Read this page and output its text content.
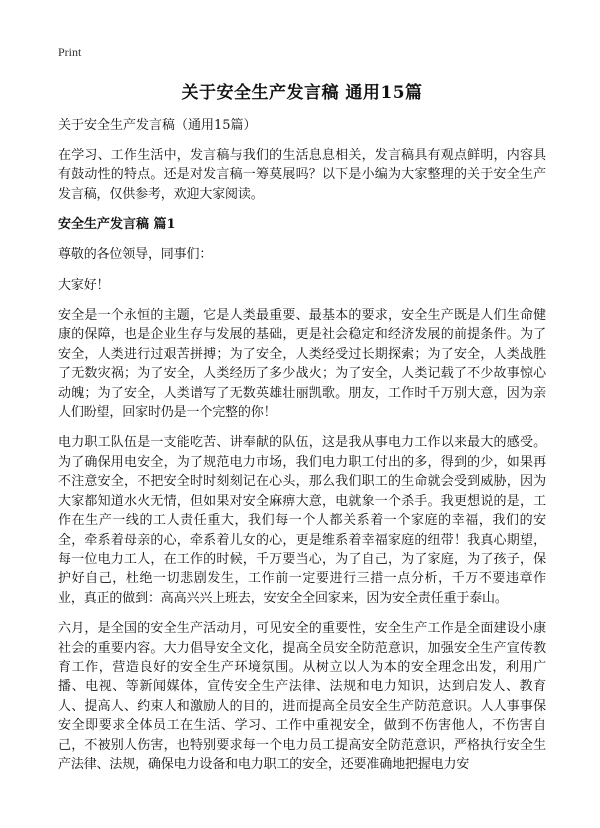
Print
关于安全生产发言稿 通用15篇
关于安全生产发言稿（通用15篇）
在学习、工作生活中，发言稿与我们的生活息息相关，发言稿具有观点鲜明，内容具有鼓动性的特点。还是对发言稿一筹莫展吗？以下是小编为大家整理的关于安全生产发言稿，仅供参考，欢迎大家阅读。
安全生产发言稿 篇1
尊敬的各位领导，同事们：
大家好！
安全是一个永恒的主题，它是人类最重要、最基本的要求，安全生产既是人们生命健康的保障，也是企业生存与发展的基础，更是社会稳定和经济发展的前提条件。为了安全，人类进行过艰苦拼搏；为了安全，人类经受过长期探索；为了安全，人类战胜了无数灾祸；为了安全，人类经历了多少战火；为了安全，人类记载了不少故事惊心动魄；为了安全，人类谱写了无数英雄壮丽凯歌。朋友，工作时千万别大意，因为亲人们盼望，回家时仍是一个完整的你！
电力职工队伍是一支能吃苦、讲奉献的队伍，这是我从事电力工作以来最大的感受。为了确保用电安全，为了规范电力市场，我们电力职工付出的多，得到的少，如果再不注意安全，不把安全时时刻刻记在心头，那么我们职工的生命就会受到威胁，因为大家都知道水火无情，但如果对安全麻痹大意，电就象一个杀手。我更想说的是，工作在生产一线的工人责任重大，我们每一个人都关系着一个家庭的幸福，我们的安全，牵系着母亲的心，牵系着儿女的心，更是维系着幸福家庭的纽带！我真心期望，每一位电力工人，在工作的时候，千万要当心，为了自己，为了家庭，为了孩子，保护好自己，杜绝一切悲剧发生，工作前一定要进行三措一点分析，千万不要违章作业，真正的做到：高高兴兴上班去，安安全全回家来，因为安全责任重于泰山。
六月，是全国的安全生产活动月，可见安全的重要性，安全生产工作是全面建设小康社会的重要内容。大力倡导安全文化，提高全员安全防范意识，加强安全生产宣传教育工作，营造良好的安全生产环境氛围。从树立以人为本的安全理念出发，利用广播、电视、等新闻媒体，宣传安全生产法律、法规和电力知识，达到启发人、教育人、提高人、约束人和激励人的目的，进而提高全员安全生产防范意识。人人事事保安全即要求全体员工在生活、学习、工作中重视安全，做到不伤害他人，不伤害自己，不被别人伤害，也特别要求每一个电力员工提高安全防范意识，严格执行安全生产法律、法规，确保电力设备和电力职工的安全，还要准确地把握电力安
